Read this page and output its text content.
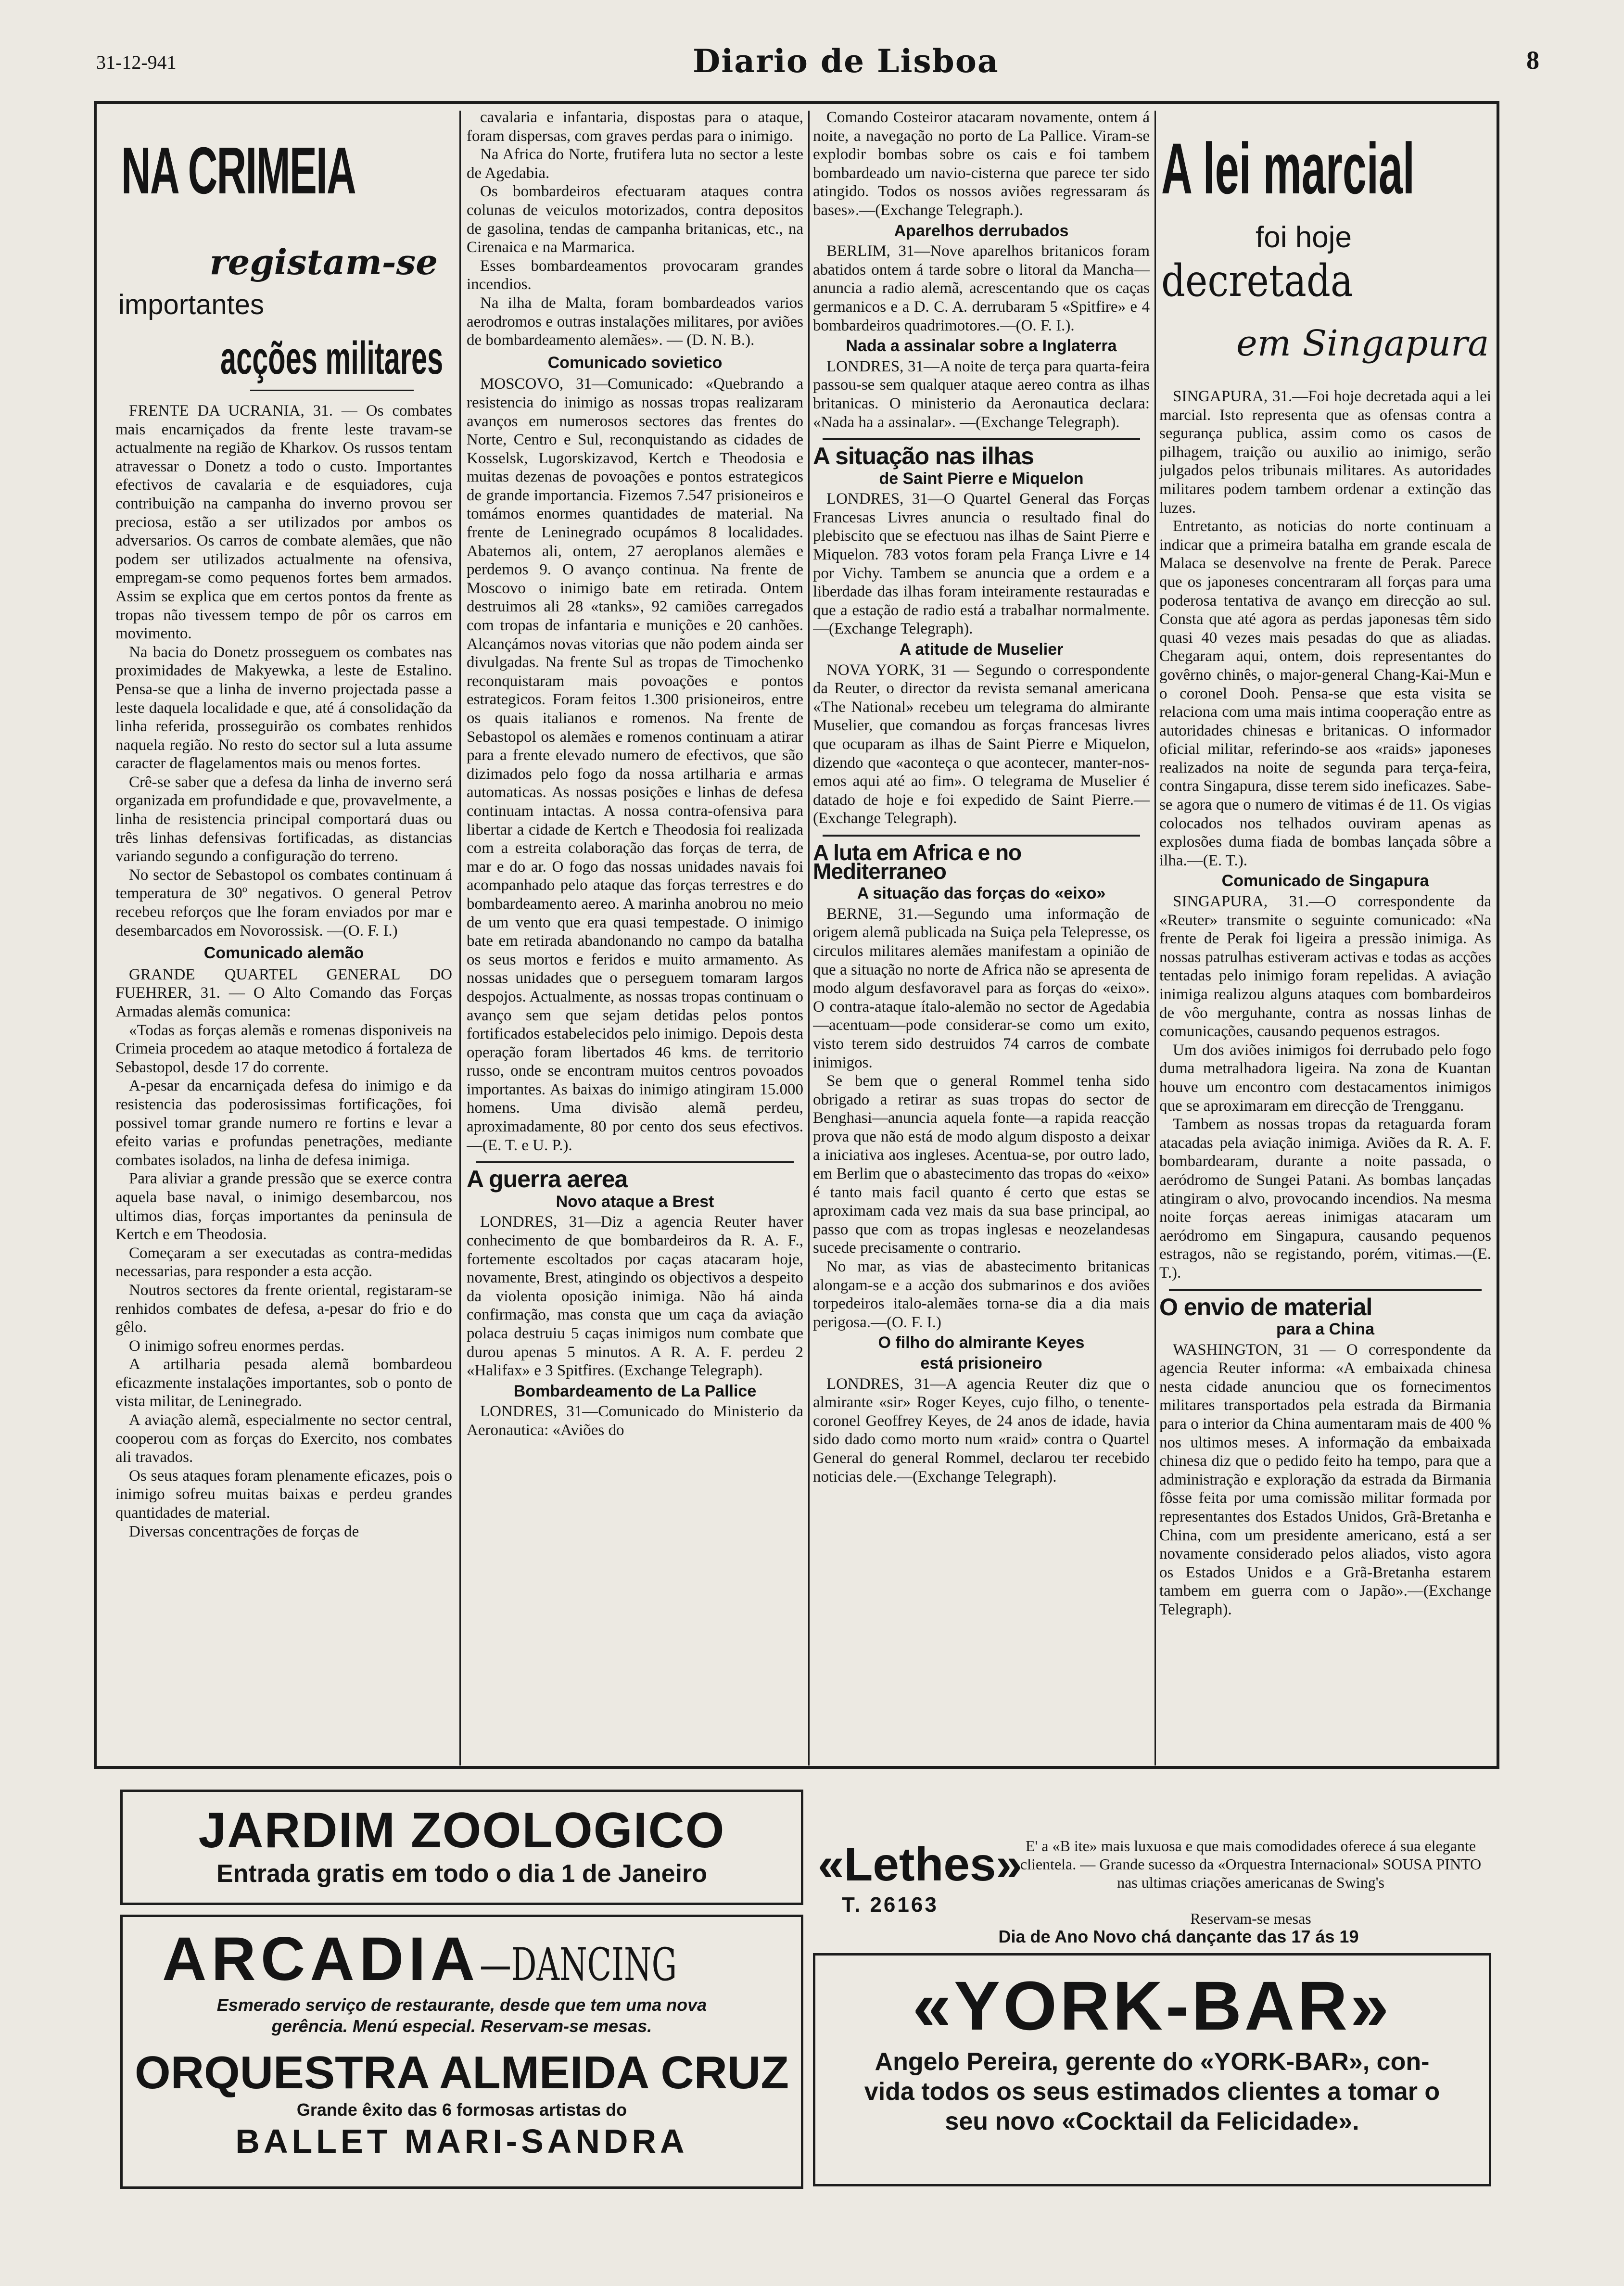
31-12-941	Diario de Lisboa	8
NA CRIMEIA
registam-se
importantes
acções militares

FRENTE DA UCRANIA, 31. — Os combates mais encarniçados da frente leste travam-se actualmente na região de Kharkov. Os russos tentam atravessar o Donetz a todo o custo. Importantes efectivos de cavalaria e de esquiadores, cuja contribuição na campanha do inverno provou ser preciosa, estão a ser utilizados por ambos os adversarios. Os carros de combate alemães, que não podem ser utilizados actualmente na ofensiva, empregam-se como pequenos fortes bem armados. Assim se explica que em certos pontos da frente as tropas não tivessem tempo de pôr os carros em movimento.

Na bacia do Donetz prosseguem os combates nas proximidades de Makyewka, a leste de Estalino. Pensa-se que a linha de inverno projectada passe a leste daquela localidade e que, até á consolidação da linha referida, prosseguirão os combates renhidos naquela região. No resto do sector sul a luta assume caracter de flagelamentos mais ou menos fortes.

Crê-se saber que a defesa da linha de inverno será organizada em profundidade e que, provavelmente, a linha de resistencia principal comportará duas ou três linhas defensivas fortificadas, as distancias variando segundo a configuração do terreno.

No sector de Sebastopol os combates continuam á temperatura de 30º negativos. O general Petrov recebeu reforços que lhe foram enviados por mar e desembarcados em Novorossisk. —(O. F. I.)

Comunicado alemão

GRANDE QUARTEL GENERAL DO FUEHRER, 31. — O Alto Comando das Forças Armadas alemãs comunica:

«Todas as forças alemãs e romenas disponiveis na Crimeia procedem ao ataque metodico á fortaleza de Sebastopol, desde 17 do corrente.

A-pesar da encarniçada defesa do inimigo e da resistencia das poderosissimas fortificações, foi possivel tomar grande numero re fortins e levar a efeito varias e profundas penetrações, mediante combates isolados, na linha de defesa inimiga.

Para aliviar a grande pressão que se exerce contra aquela base naval, o inimigo desembarcou, nos ultimos dias, forças importantes da peninsula de Kertch e em Theodosia.

Começaram a ser executadas as contra-medidas necessarias, para responder a esta acção.

Noutros sectores da frente oriental, registaram-se renhidos combates de defesa, a-pesar do frio e do gêlo.

O inimigo sofreu enormes perdas.

A artilharia pesada alemã bombardeou eficazmente instalações importantes, sob o ponto de vista militar, de Leninegrado.

A aviação alemã, especialmente no sector central, cooperou com as forças do Exercito, nos combates ali travados.

Os seus ataques foram plenamente eficazes, pois o inimigo sofreu muitas baixas e perdeu grandes quantidades de material.

Diversas concentrações de forças de

cavalaria e infantaria, dispostas para o ataque, foram dispersas, com graves perdas para o inimigo.

Na Africa do Norte, frutifera luta no sector a leste de Agedabia.

Os bombardeiros efectuaram ataques contra colunas de veiculos motorizados, contra depositos de gasolina, tendas de campanha britanicas, etc., na Cirenaica e na Marmarica.

Esses bombardeamentos provocaram grandes incendios.

Na ilha de Malta, foram bombardeados varios aerodromos e outras instalações militares, por aviões de bombardeamento alemães». — (D. N. B.).

Comunicado sovietico

MOSCOVO, 31—Comunicado: «Quebrando a resistencia do inimigo as nossas tropas realizaram avanços em numerosos sectores das frentes do Norte, Centro e Sul, reconquistando as cidades de Kosselsk, Lugorskizavod, Kertch e Theodosia e muitas dezenas de povoações e pontos estrategicos de grande importancia. Fizemos 7.547 prisioneiros e tomámos enormes quantidades de material. Na frente de Leninegrado ocupámos 8 localidades. Abatemos ali, ontem, 27 aeroplanos alemães e perdemos 9. O avanço continua. Na frente de Moscovo o inimigo bate em retirada. Ontem destruimos ali 28 «tanks», 92 camiões carregados com tropas de infantaria e munições e 20 canhões. Alcançámos novas vitorias que não podem ainda ser divulgadas. Na frente Sul as tropas de Timochenko reconquistaram mais povoações e pontos estrategicos. Foram feitos 1.300 prisioneiros, entre os quais italianos e romenos. Na frente de Sebastopol os alemães e romenos continuam a atirar para a frente elevado numero de efectivos, que são dizimados pelo fogo da nossa artilharia e armas automaticas. As nossas posições e linhas de defesa continuam intactas. A nossa contra-ofensiva para libertar a cidade de Kertch e Theodosia foi realizada com a estreita colaboração das forças de terra, de mar e do ar. O fogo das nossas unidades navais foi acompanhado pelo ataque das forças terrestres e do bombardeamento aereo. A marinha anobrou no meio de um vento que era quasi tempestade. O inimigo bate em retirada abandonando no campo da batalha os seus mortos e feridos e muito armamento. As nossas unidades que o perseguem tomaram largos despojos. Actualmente, as nossas tropas continuam o avanço sem que sejam detidas pelos pontos fortificados estabelecidos pelo inimigo. Depois desta operação foram libertados 46 kms. de territorio russo, onde se encontram muitos centros povoados importantes. As baixas do inimigo atingiram 15.000 homens. Uma divisão alemã perdeu, aproximadamente, 80 por cento dos seus efectivos.—(E. T. e U. P.).

A guerra aerea
Novo ataque a Brest

LONDRES, 31—Diz a agencia Reuter haver conhecimento de que bombardeiros da R. A. F., fortemente escoltados por caças atacaram hoje, novamente, Brest, atingindo os objectivos a despeito da violenta oposição inimiga. Não há ainda confirmação, mas consta que um caça da aviação polaca destruiu 5 caças inimigos num combate que durou apenas 5 minutos. A R. A. F. perdeu 2 «Halifax» e 3 Spitfires. (Exchange Telegraph).

Bombardeamento de La Pallice

LONDRES, 31—Comunicado do Ministerio da Aeronautica: «Aviões do

Comando Costeiror atacaram novamente, ontem á noite, a navegação no porto de La Pallice. Viram-se explodir bombas sobre os cais e foi tambem bombardeado um navio-cisterna que parece ter sido atingido. Todos os nossos aviões regressaram ás bases».—(Exchange Telegraph.).

Aparelhos derrubados

BERLIM, 31—Nove aparelhos britanicos foram abatidos ontem á tarde sobre o litoral da Mancha—anuncia a radio alemã, acrescentando que os caças germanicos e a D. C. A. derrubaram 5 «Spitfire» e 4 bombardeiros quadrimotores.—(O. F. I.).

Nada a assinalar sobre a Inglaterra

LONDRES, 31—A noite de terça para quarta-feira passou-se sem qualquer ataque aereo contra as ilhas britanicas. O ministerio da Aeronautica declara: «Nada ha a assinalar». —(Exchange Telegraph).

A situação nas ilhas
de Saint Pierre e Miquelon

LONDRES, 31—O Quartel General das Forças Francesas Livres anuncia o resultado final do plebiscito que se efectuou nas ilhas de Saint Pierre e Miquelon. 783 votos foram pela França Livre e 14 por Vichy. Tambem se anuncia que a ordem e a liberdade das ilhas foram inteiramente restauradas e que a estação de radio está a trabalhar normalmente.—(Exchange Telegraph).

A atitude de Muselier

NOVA YORK, 31 — Segundo o correspondente da Reuter, o director da revista semanal americana «The National» recebeu um telegrama do almirante Muselier, que comandou as forças francesas livres que ocuparam as ilhas de Saint Pierre e Miquelon, dizendo que «aconteça o que acontecer, manter-nos-emos aqui até ao fim». O telegrama de Muselier é datado de hoje e foi expedido de Saint Pierre.—(Exchange Telegraph).

A luta em Africa e no Mediterraneo
A situação das forças do «eixo»

BERNE, 31.—Segundo uma informação de origem alemã publicada na Suiça pela Telepresse, os circulos militares alemães manifestam a opinião de que a situação no norte de Africa não se apresenta de modo algum desfavoravel para as forças do «eixo». O contra-ataque ítalo-alemão no sector de Agedabia—acentuam—pode considerar-se como um exito, visto terem sido destruidos 74 carros de combate inimigos.

Se bem que o general Rommel tenha sido obrigado a retirar as suas tropas do sector de Benghasi—anuncia aquela fonte—a rapida reacção prova que não está de modo algum disposto a deixar a iniciativa aos ingleses. Acentua-se, por outro lado, em Berlim que o abastecimento das tropas do «eixo» é tanto mais facil quanto é certo que estas se aproximam cada vez mais da sua base principal, ao passo que com as tropas inglesas e neozelandesas sucede precisamente o contrario.

No mar, as vias de abastecimento britanicas alongam-se e a acção dos submarinos e dos aviões torpedeiros italo-alemães torna-se dia a dia mais perigosa.—(O. F. I.)

O filho do almirante Keyes
está prisioneiro

LONDRES, 31—A agencia Reuter diz que o almirante «sir» Roger Keyes, cujo filho, o tenente-coronel Geoffrey Keyes, de 24 anos de idade, havia sido dado como morto num «raid» contra o Quartel General do general Rommel, declarou ter recebido noticias dele.—(Exchange Telegraph).

A lei marcial
foi hoje
decretada
em Singapura

SINGAPURA, 31.—Foi hoje decretada aqui a lei marcial. Isto representa que as ofensas contra a segurança publica, assim como os casos de pilhagem, traição ou auxilio ao inimigo, serão julgados pelos tribunais militares. As autoridades militares podem tambem ordenar a extinção das luzes.

Entretanto, as noticias do norte continuam a indicar que a primeira batalha em grande escala de Malaca se desenvolve na frente de Perak. Parece que os japoneses concentraram all forças para uma poderosa tentativa de avanço em direcção ao sul. Consta que até agora as perdas japonesas têm sido quasi 40 vezes mais pesadas do que as aliadas. Chegaram aqui, ontem, dois representantes do govêrno chinês, o major-general Chang-Kai-Mun e o coronel Dooh. Pensa-se que esta visita se relaciona com uma mais intima cooperação entre as autoridades chinesas e britanicas. O informador oficial militar, referindo-se aos «raids» japoneses realizados na noite de segunda para terça-feira, contra Singapura, disse terem sido ineficazes. Sabe-se agora que o numero de vitimas é de 11. Os vigias colocados nos telhados ouviram apenas as explosões duma fiada de bombas lançada sôbre a ilha.—(E. T.).

Comunicado de Singapura

SINGAPURA, 31.—O correspondente da «Reuter» transmite o seguinte comunicado: «Na frente de Perak foi ligeira a pressão inimiga. As nossas patrulhas estiveram activas e todas as acções tentadas pelo inimigo foram repelidas. A aviação inimiga realizou alguns ataques com bombardeiros de vôo merguhante, contra as nossas linhas de comunicações, causando pequenos estragos.

Um dos aviões inimigos foi derrubado pelo fogo duma metralhadora ligeira. Na zona de Kuantan houve um encontro com destacamentos inimigos que se aproximaram em direcção de Trengganu.

Tambem as nossas tropas da retaguarda foram atacadas pela aviação inimiga. Aviões da R. A. F. bombardearam, durante a noite passada, o aeródromo de Sungei Patani. As bombas lançadas atingiram o alvo, provocando incendios. Na mesma noite forças aereas inimigas atacaram um aeródromo em Singapura, causando pequenos estragos, não se registando, porém, vitimas.—(E. T.).

O envio de material
para a China

WASHINGTON, 31 — O correspondente da agencia Reuter informa: «A embaixada chinesa nesta cidade anunciou que os fornecimentos militares transportados pela estrada da Birmania para o interior da China aumentaram mais de 400 % nos ultimos meses. A informação da embaixada chinesa diz que o pedido feito ha tempo, para que a administração e exploração da estrada da Birmania fôsse feita por uma comissão militar formada por representantes dos Estados Unidos, Grã-Bretanha e China, com um presidente americano, está a ser novamente considerado pelos aliados, visto agora os Estados Unidos e a Grã-Bretanha estarem tambem em guerra com o Japão».—(Exchange Telegraph).

JARDIM ZOOLOGICO
Entrada gratis em todo o dia 1 de Janeiro
ARCADIA—DANCING
Esmerado serviço de restaurante, desde que tem uma nova
gerência. Menú especial. Reservam-se mesas.
ORQUESTRA ALMEIDA CRUZ
Grande êxito das 6 formosas artistas do
BALLET MARI-SANDRA
«Lethes»
T. 26163
E' a «B ite» mais luxuosa e que mais comodidades oferece á sua elegante clientela. — Grande sucesso da «Orquestra Internacional» SOUSA PINTO nas ultimas criações americanas de Swing's
Reservam-se mesas
Dia de Ano Novo chá dançante das 17 ás 19
«YORK-BAR»
Angelo Pereira, gerente do «YORK-BAR», con-
vida todos os seus estimados clientes a tomar o
seu novo «Cocktail da Felicidade».
